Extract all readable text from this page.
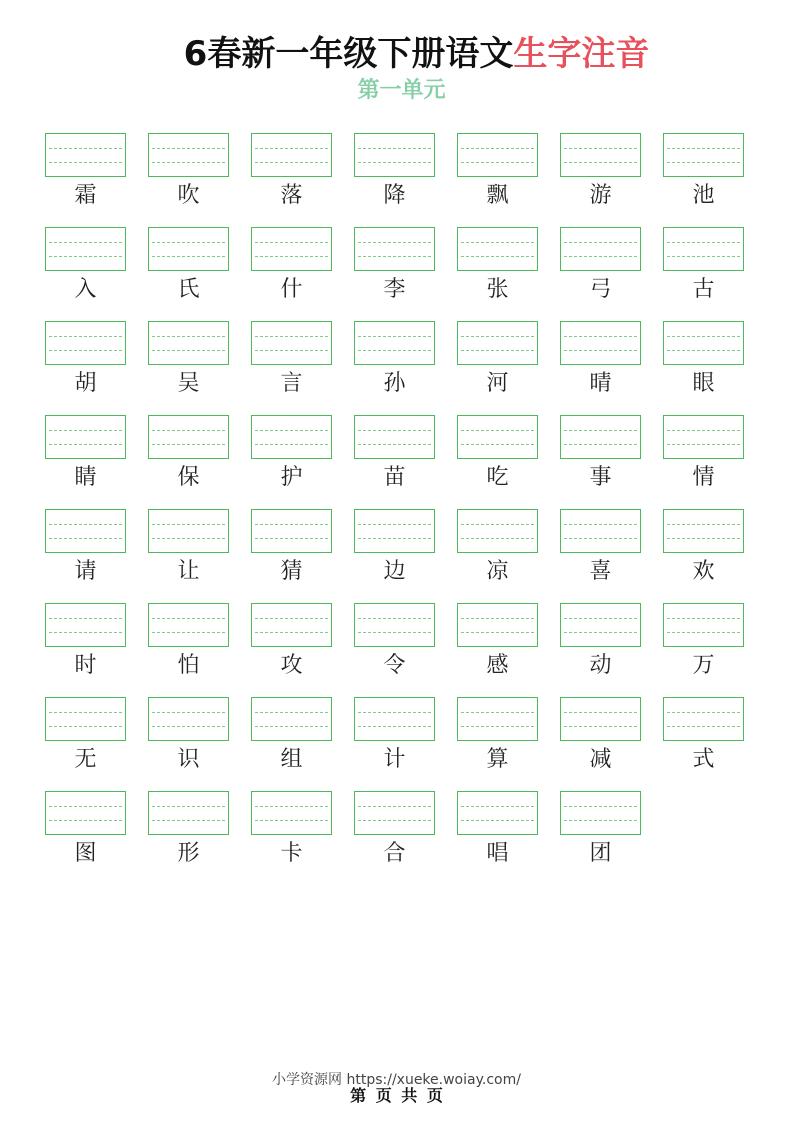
6春新一年级下册语文生字注音
第一单元
霜	吹	落	降	飘	游	池
入	氏	什	李	张	弓	古
胡	吴	言	孙	河	晴	眼
睛	保	护	苗	吃	事	情
请	让	猜	边	凉	喜	欢
时	怕	攻	令	感	动	万
无	识	组	计	算	减	式
图	形	卡	合	唱	团
小学资源网 https://xueke.woiay.com/
第 页 共 页
